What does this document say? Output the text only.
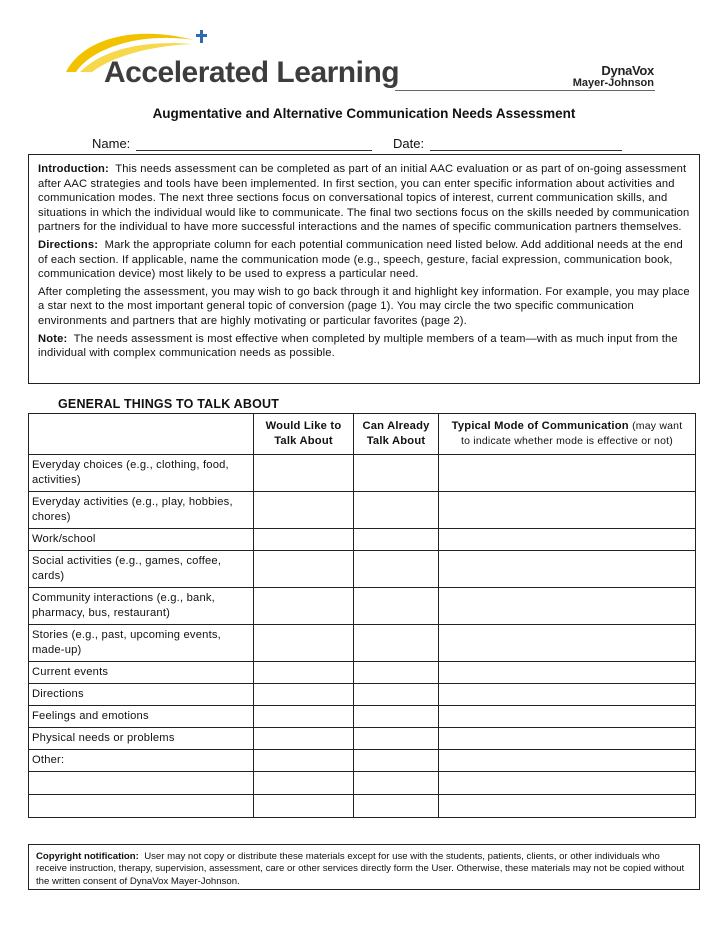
Accelerated Learning	DynaVox
Mayer-Johnson
Augmentative and Alternative Communication Needs Assessment
Name:	Date:

Introduction: This needs assessment can be completed as part of an initial AAC evaluation or as part of on-going assessment after AAC strategies and tools have been implemented. In first section, you can enter specific information about activities and communication modes. The next three sections focus on conversational topics of interest, current communication skills, and situations in which the individual would like to communicate. The final two sections focus on the skills needed by communication partners for the individual to have more successful interactions and the names of specific communication partners themselves.

Directions: Mark the appropriate column for each potential communication need listed below. Add additional needs at the end of each section. If applicable, name the communication mode (e.g., speech, gesture, facial expression, communication book, communication device) most likely to be used to express a particular need.

After completing the assessment, you may wish to go back through it and highlight key information. For example, you may place a star next to the most important general topic of conversion (page 1). You may circle the two specific communication environments and partners that are highly motivating or particular favorites (page 2).

Note: The needs assessment is most effective when completed by multiple members of a team—with as much input from the individual with complex communication needs as possible.

GENERAL THINGS TO TALK ABOUT
	Would Like to Talk About	Can Already Talk About	Typical Mode of Communication (may want
to indicate whether mode is effective or not)
Everyday choices (e.g., clothing, food, activities)			
Everyday activities (e.g., play, hobbies, chores)			
Work/school			
Social activities (e.g., games, coffee, cards)			
Community interactions (e.g., bank, pharmacy, bus, restaurant)			
Stories (e.g., past, upcoming events, made-up)			
Current events			
Directions			
Feelings and emotions			
Physical needs or problems			
Other:			

Copyright notification: User may not copy or distribute these materials except for use with the students, patients, clients, or other individuals who receive instruction, therapy, supervision, assessment, care or other services directly form the User. Otherwise, these materials may not be copied without the written consent of DynaVox Mayer-Johnson.
